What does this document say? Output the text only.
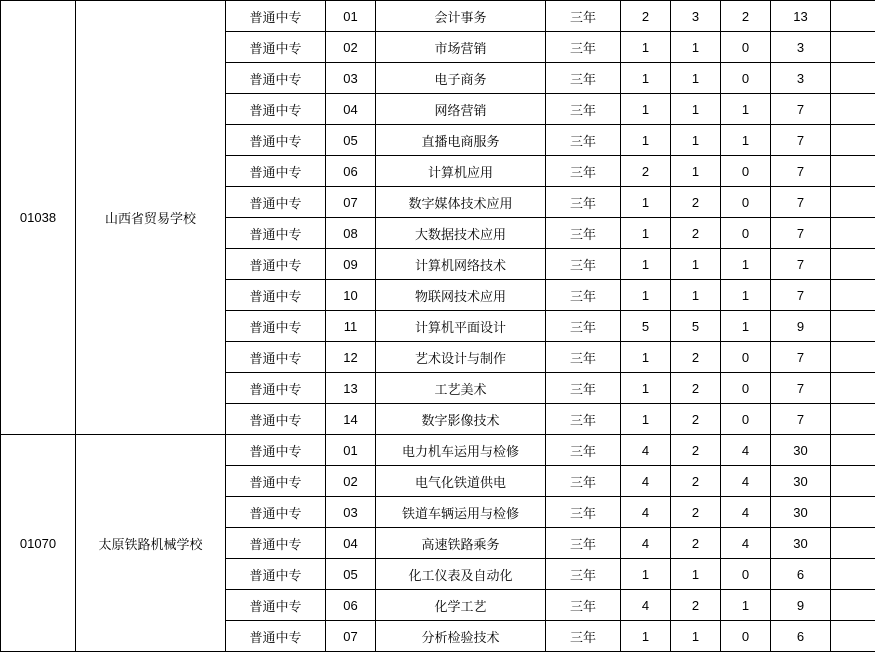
01038	山西省贸易学校	普通中专	01	会计事务	三年	2	3	2	13	
		普通中专	02	市场营销	三年	1	1	0	3	
		普通中专	03	电子商务	三年	1	1	0	3	
		普通中专	04	网络营销	三年	1	1	1	7	
		普通中专	05	直播电商服务	三年	1	1	1	7	
		普通中专	06	计算机应用	三年	2	1	0	7	
		普通中专	07	数字媒体技术应用	三年	1	2	0	7	
		普通中专	08	大数据技术应用	三年	1	2	0	7	
		普通中专	09	计算机网络技术	三年	1	1	1	7	
		普通中专	10	物联网技术应用	三年	1	1	1	7	
		普通中专	11	计算机平面设计	三年	5	5	1	9	
		普通中专	12	艺术设计与制作	三年	1	2	0	7	
		普通中专	13	工艺美术	三年	1	2	0	7	
		普通中专	14	数字影像技术	三年	1	2	0	7	
01070	太原铁路机械学校	普通中专	01	电力机车运用与检修	三年	4	2	4	30	
		普通中专	02	电气化铁道供电	三年	4	2	4	30	
		普通中专	03	铁道车辆运用与检修	三年	4	2	4	30	
		普通中专	04	高速铁路乘务	三年	4	2	4	30	
		普通中专	05	化工仪表及自动化	三年	1	1	0	6	
		普通中专	06	化学工艺	三年	4	2	1	9	
		普通中专	07	分析检验技术	三年	1	1	0	6	
